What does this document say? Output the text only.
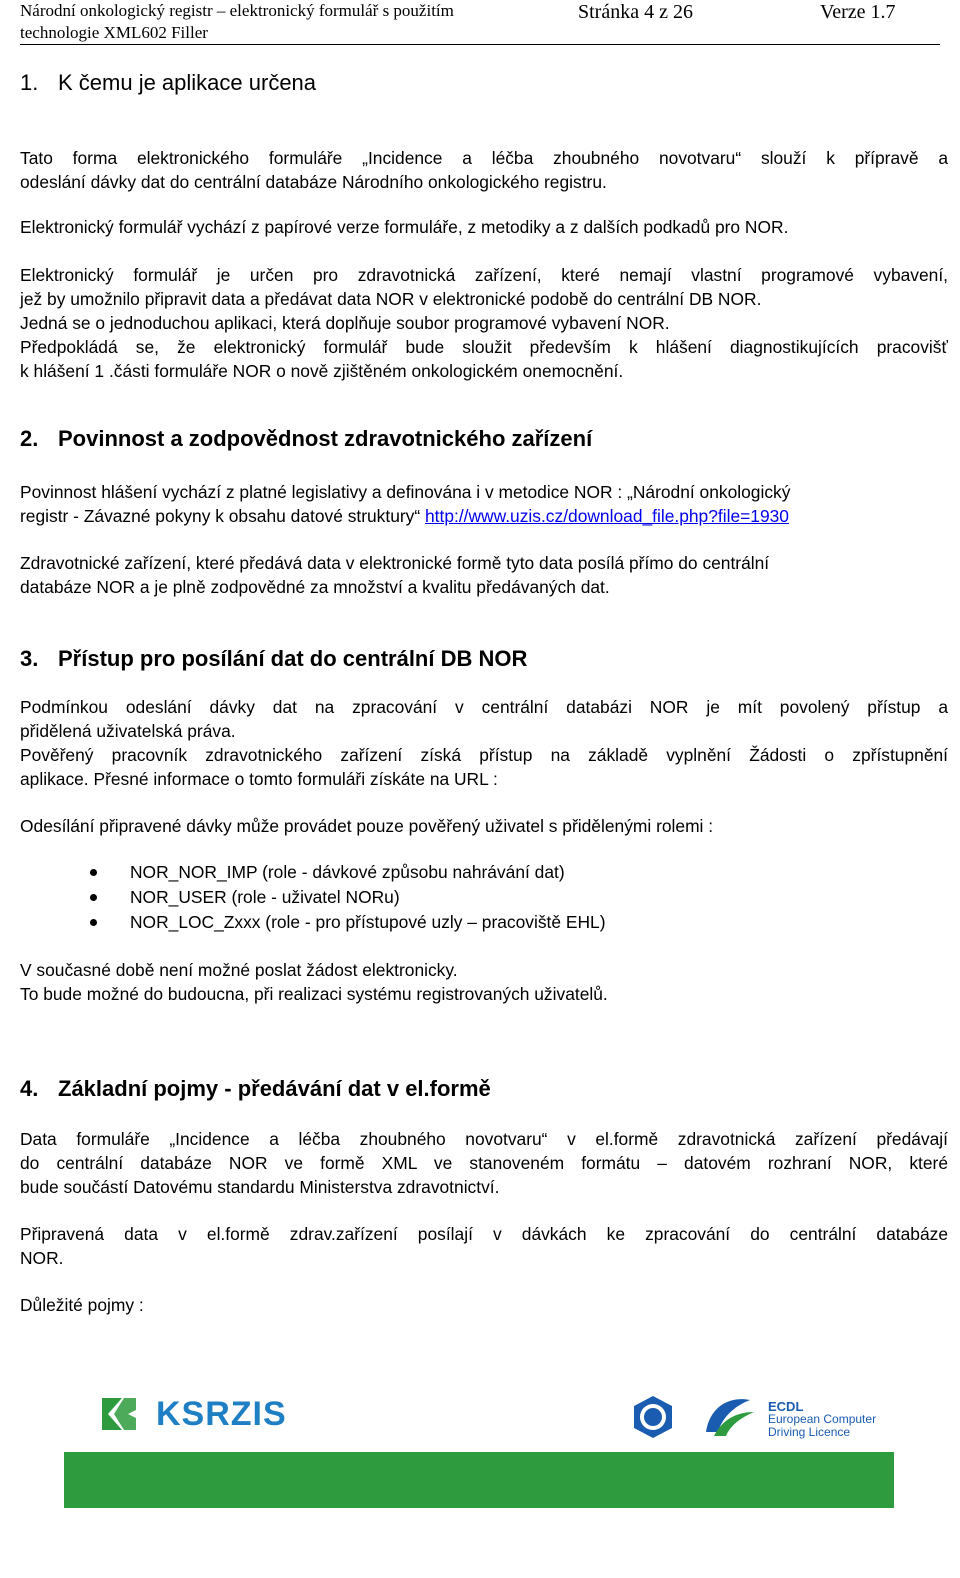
Národní onkologický registr – elektronický formulář s použitím
technologie XML602 Filler
Stránka 4 z 26	Verze 1.7
1. K čemu je aplikace určena
Tato forma elektronického formuláře „Incidence a léčba zhoubného novotvaru“ slouží k přípravě a
odeslání dávky dat do centrální databáze Národního onkologického registru.
Elektronický formulář vychází z papírové verze formuláře, z metodiky a z dalších podkadů pro NOR.
Elektronický formulář je určen pro zdravotnická zařízení, které nemají vlastní programové vybavení,
jež by umožnilo připravit data a předávat data NOR v elektronické podobě do centrální DB NOR.
Jedná se o jednoduchou aplikaci, která doplňuje soubor programové vybavení NOR.
Předpokládá se, že elektronický formulář bude sloužit především k hlášení diagnostikujících pracovišť
k hlášení 1 .části formuláře NOR o nově zjištěném onkologickém onemocnění.
2. Povinnost a zodpovědnost zdravotnického zařízení
Povinnost hlášení vychází z platné legislativy a definována i v metodice NOR : „Národní onkologický
registr - Závazné pokyny k obsahu datové struktury“ http://www.uzis.cz/download_file.php?file=1930
Zdravotnické zařízení, které předává data v elektronické formě tyto data posílá přímo do centrální
databáze NOR a je plně zodpovědné za množství a kvalitu předávaných dat.
3. Přístup pro posílání dat do centrální DB NOR
Podmínkou odeslání dávky dat na zpracování v centrální databázi NOR je mít povolený přístup a
přidělená uživatelská práva.
Pověřený pracovník zdravotnického zařízení získá přístup na základě vyplnění Žádosti o zpřístupnění
aplikace. Přesné informace o tomto formuláři získáte na URL :
Odesílání připravené dávky může provádet pouze pověřený uživatel s přidělenými rolemi :
NOR_NOR_IMP (role - dávkové způsobu nahrávání dat)
NOR_USER (role - uživatel NORu)
NOR_LOC_Zxxx (role - pro přístupové uzly – pracoviště EHL)
V současné době není možné poslat žádost elektronicky.
To bude možné do budoucna, při realizaci systému registrovaných uživatelů.
4. Základní pojmy - předávání dat v el.formě
Data formuláře „Incidence a léčba zhoubného novotvaru“ v el.formě zdravotnická zařízení předávají
do centrální databáze NOR ve formě XML ve stanoveném formátu – datovém rozhraní NOR, které
bude součástí Datovému standardu Ministerstva zdravotnictví.
Připravená data v el.formě zdrav.zařízení posílají v dávkách ke zpracování do centrální databáze
NOR.
Důležité pojmy :
KSRZIS	ECDL
European Computer
Driving Licence
Vídeňská 1958/9, 140 21 Praha 4
tel.: +420 2 6136 4045, fax: +420 2 6136 2802, e-mail: ksrzis@ksrzis.cz, www.ksrzis.cz
